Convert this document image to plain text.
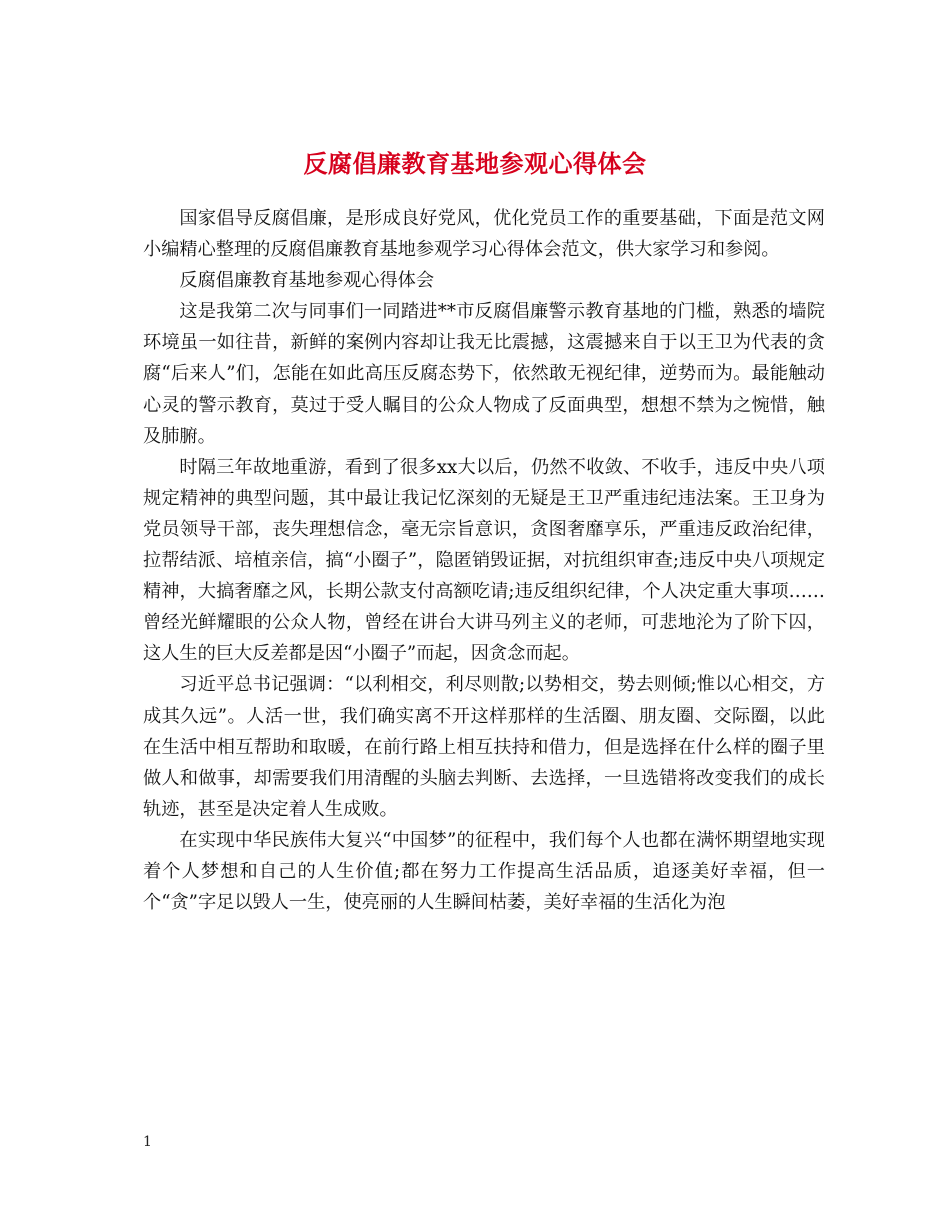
反腐倡廉教育基地参观心得体会

国家倡导反腐倡廉，是形成良好党风，优化党员工作的重要基础，下面是范文网小编精心整理的反腐倡廉教育基地参观学习心得体会范文，供大家学习和参阅。

反腐倡廉教育基地参观心得体会

这是我第二次与同事们一同踏进**市反腐倡廉警示教育基地的门槛，熟悉的墙院环境虽一如往昔，新鲜的案例内容却让我无比震撼，这震撼来自于以王卫为代表的贪腐“后来人”们，怎能在如此高压反腐态势下，依然敢无视纪律，逆势而为。最能触动心灵的警示教育，莫过于受人瞩目的公众人物成了反面典型，想想不禁为之惋惜，触及肺腑。

时隔三年故地重游，看到了很多xx大以后，仍然不收敛、不收手，违反中央八项规定精神的典型问题，其中最让我记忆深刻的无疑是王卫严重违纪违法案。王卫身为党员领导干部，丧失理想信念，毫无宗旨意识，贪图奢靡享乐，严重违反政治纪律，拉帮结派、培植亲信，搞“小圈子”，隐匿销毁证据，对抗组织审查;违反中央八项规定精神，大搞奢靡之风，长期公款支付高额吃请;违反组织纪律，个人决定重大事项……曾经光鲜耀眼的公众人物，曾经在讲台大讲马列主义的老师，可悲地沦为了阶下囚，这人生的巨大反差都是因“小圈子”而起，因贪念而起。

习近平总书记强调：“以利相交，利尽则散;以势相交，势去则倾;惟以心相交，方成其久远”。人活一世，我们确实离不开这样那样的生活圈、朋友圈、交际圈，以此在生活中相互帮助和取暖，在前行路上相互扶持和借力，但是选择在什么样的圈子里做人和做事，却需要我们用清醒的头脑去判断、去选择，一旦选错将改变我们的成长轨迹，甚至是决定着人生成败。

在实现中华民族伟大复兴“中国梦”的征程中，我们每个人也都在满怀期望地实现着个人梦想和自己的人生价值;都在努力工作提高生活品质，追逐美好幸福，但一个“贪”字足以毁人一生，使亮丽的人生瞬间枯萎，美好幸福的生活化为泡

1
